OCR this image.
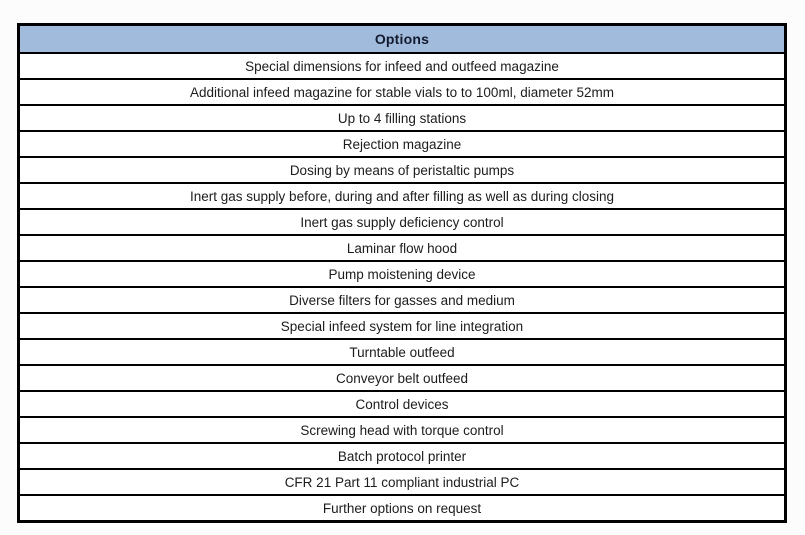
Options
Special dimensions for infeed and outfeed magazine
Additional infeed magazine for stable vials to to 100ml, diameter 52mm
Up to 4 filling stations
Rejection magazine
Dosing by means of peristaltic pumps
Inert gas supply before, during and after filling as well as during closing
Inert gas supply deficiency control
Laminar flow hood
Pump moistening device
Diverse filters for gasses and medium
Special infeed system for line integration
Turntable outfeed
Conveyor belt outfeed
Control devices
Screwing head with torque control
Batch protocol printer
CFR 21 Part 11 compliant industrial PC
Further options on request
